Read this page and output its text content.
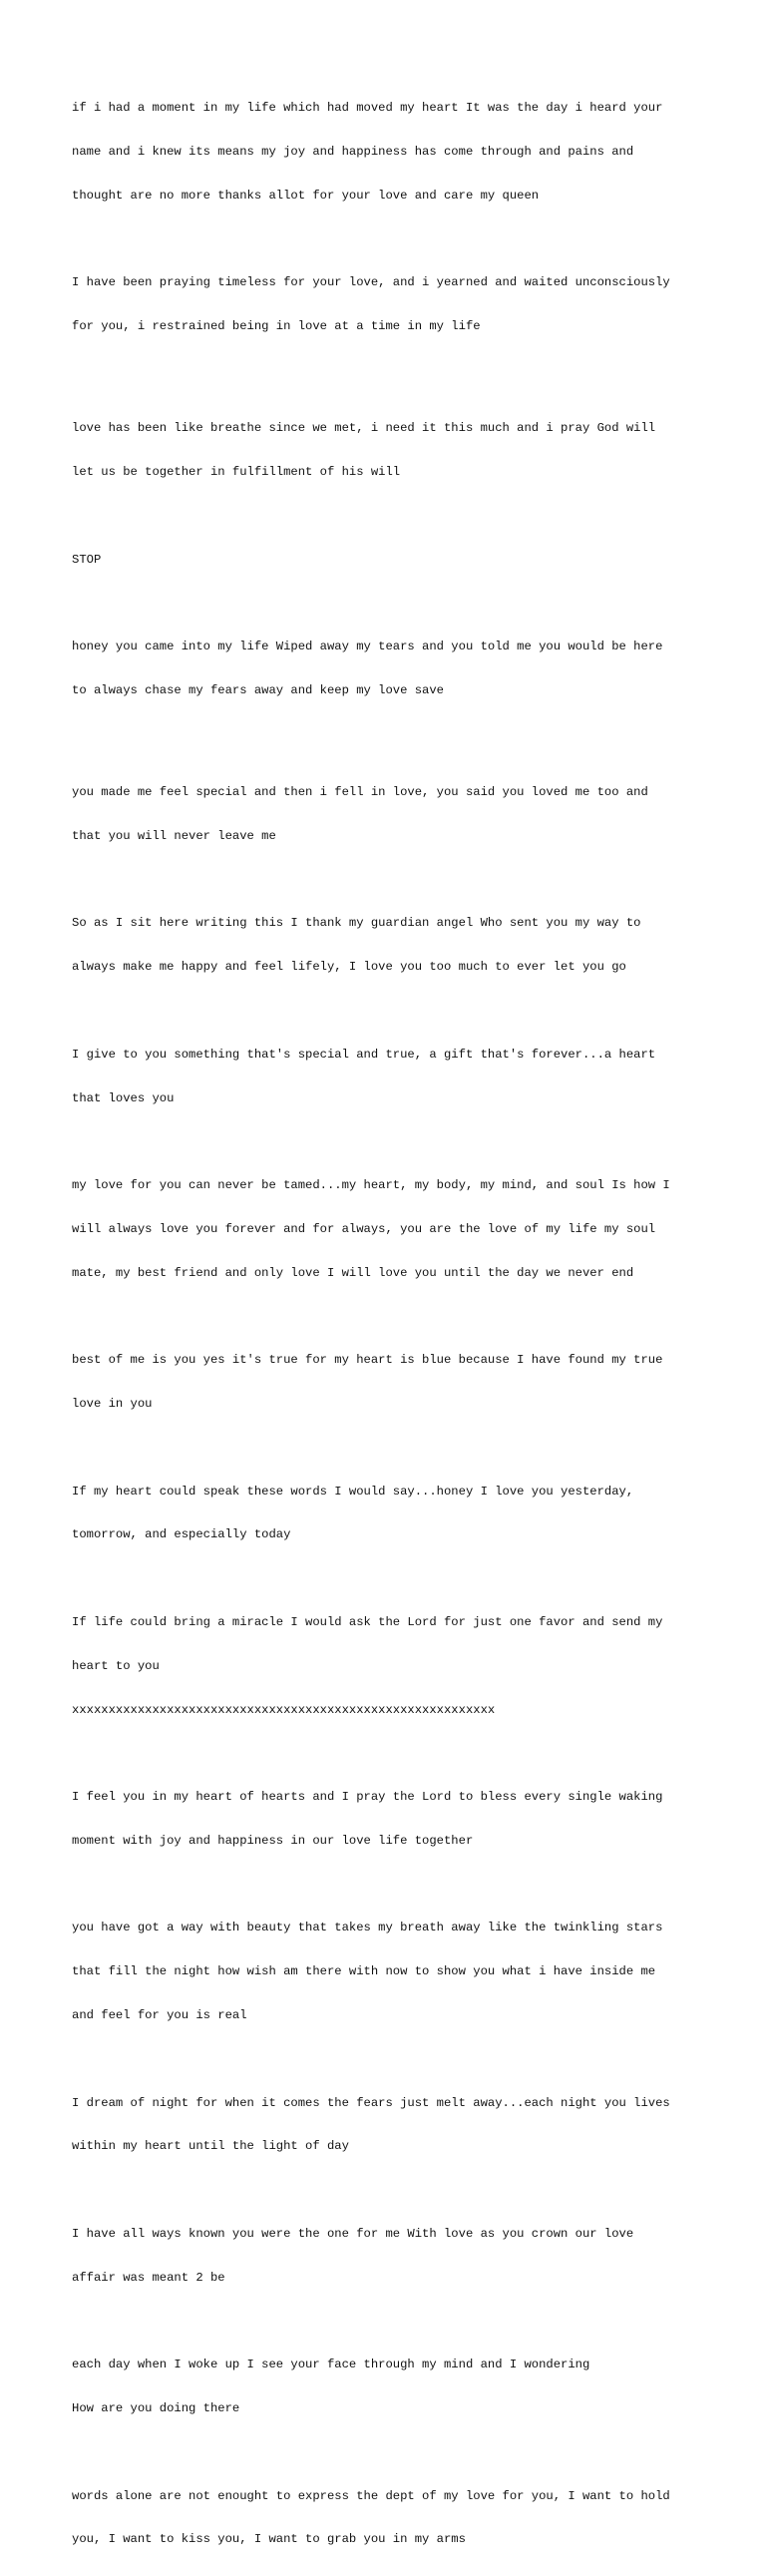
if i had a moment in my life which had moved my heart It was the day i heard your

name and i knew its means my joy and happiness has come through and pains and

thought are no more thanks allot for your love and care my queen

I have been praying timeless for your love, and i yearned and waited unconsciously

for you, i restrained being in love at a time in my life

love has been like breathe since we met, i need it this much and i pray God will

let us be together in fulfillment of his will

STOP

honey you came into my life Wiped away my tears and you told me you would be here

to always chase my fears away and keep my love save

you made me feel special and then i fell in love, you said you loved me too and

that you will never leave me

So as I sit here writing this I thank my guardian angel Who sent you my way to

always make me happy and feel lifely, I love you too much to ever let you go

I give to you something that's special and true, a gift that's forever...a heart

that loves you

my love for you can never be tamed...my heart, my body, my mind, and soul Is how I

will always love you forever and for always, you are the love of my life my soul

mate, my best friend and only love I will love you until the day we never end

best of me is you yes it's true for my heart is blue because I have found my true

love in you

If my heart could speak these words I would say...honey I love you yesterday,

tomorrow, and especially today

If life could bring a miracle I would ask the Lord for just one favor and send my

heart to you

xxxxxxxxxxxxxxxxxxxxxxxxxxxxxxxxxxxxxxxxxxxxxxxxxxxxxxxxxx

I feel you in my heart of hearts and I pray the Lord to bless every single waking

moment with joy and happiness in our love life together

you have got a way with beauty that takes my breath away like the twinkling stars

that fill the night how wish am there with now to show you what i have inside me

and feel for you is real

I dream of night for when it comes the fears just melt away...each night you lives

within my heart until the light of day

I have all ways known you were the one for me With love as you crown our love

affair was meant 2 be

each day when I woke up I see your face through my mind and I wondering

How are you doing there

words alone are not enought to express the dept of my love for you, I want to hold

you, I want to kiss you, I want to grab you in my arms
